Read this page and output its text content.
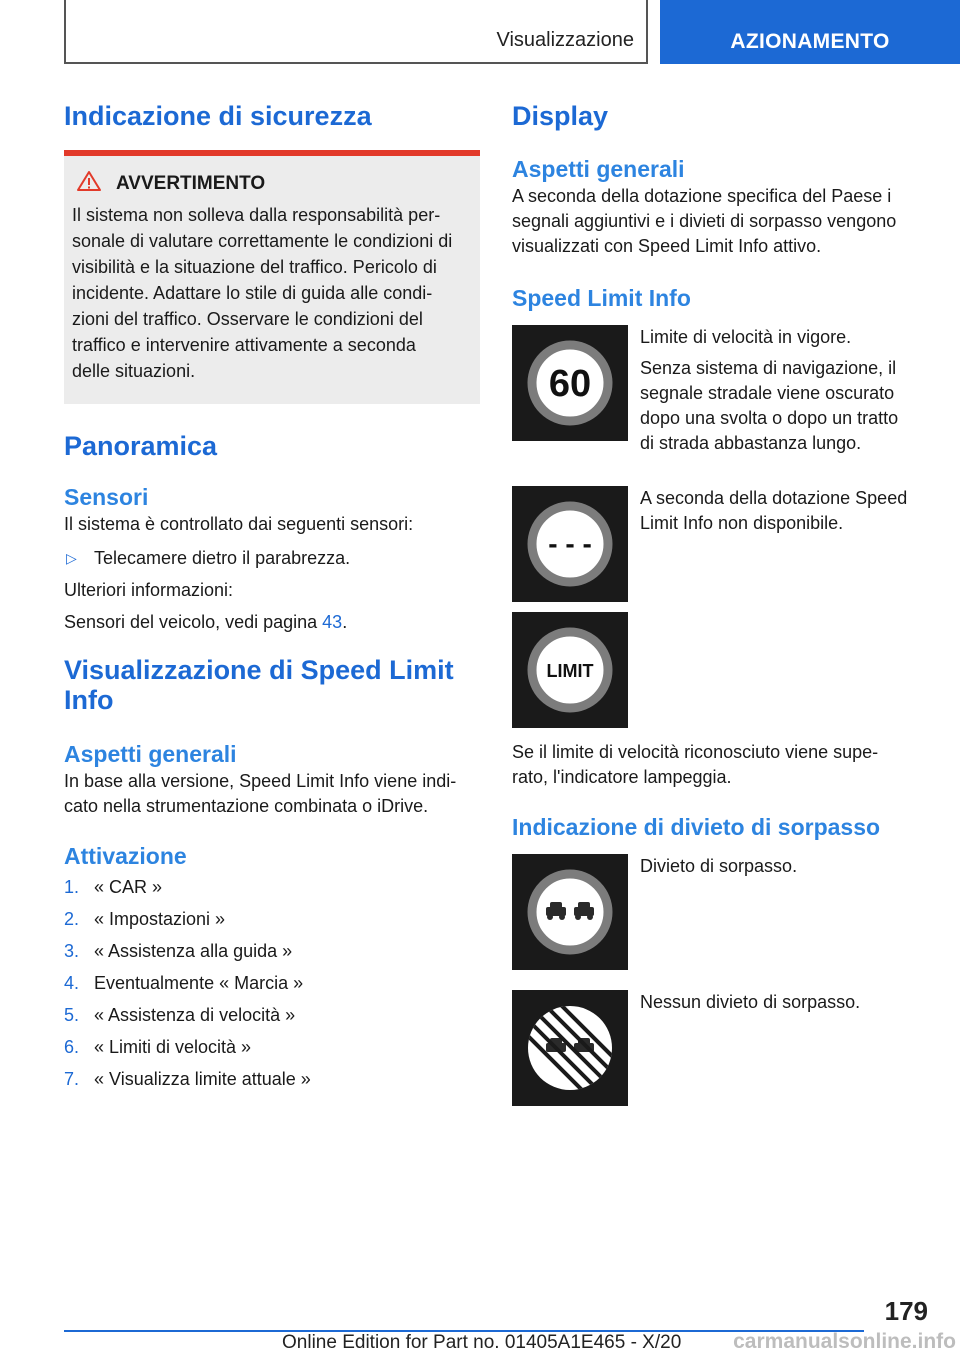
Visualizzazione	AZIONAMENTO
Indicazione di sicurezza
AVVERTIMENTO

Il sistema non solleva dalla responsabilità per-
sonale di valutare correttamente le condizioni di
visibilità e la situazione del traffico. Pericolo di
incidente. Adattare lo stile di guida alle condi-
zioni del traffico. Osservare le condizioni del
traffico e intervenire attivamente a seconda
delle situazioni.

Panoramica
Sensori

Il sistema è controllato dai seguenti sensori:

▷ Telecamere dietro il parabrezza.

Ulteriori informazioni:

Sensori del veicolo, vedi pagina 43.

Visualizzazione di Speed Limit
Info
Aspetti generali

In base alla versione, Speed Limit Info viene indi-
cato nella strumentazione combinata o iDrive.

Attivazione
1. « CAR »
2. « Impostazioni »
3. « Assistenza alla guida »
4. Eventualmente « Marcia »
5. « Assistenza di velocità »
6. « Limiti di velocità »
7. « Visualizza limite attuale »
Display
Aspetti generali

A seconda della dotazione specifica del Paese i
segnali aggiuntivi e i divieti di sorpasso vengono
visualizzati con Speed Limit Info attivo.

Speed Limit Info
60

Limite di velocità in vigore.

Senza sistema di navigazione, il
segnale stradale viene oscurato
dopo una svolta o dopo un tratto
di strada abbastanza lungo.

- - -

A seconda della dotazione Speed
Limit Info non disponibile.

LIMIT

Se il limite di velocità riconosciuto viene supe-
rato, l'indicatore lampeggia.

Indicazione di divieto di sorpasso

Divieto di sorpasso.

Nessun divieto di sorpasso.

179
Online Edition for Part no. 01405A1E465 - X/20 carmanualsonline.info
